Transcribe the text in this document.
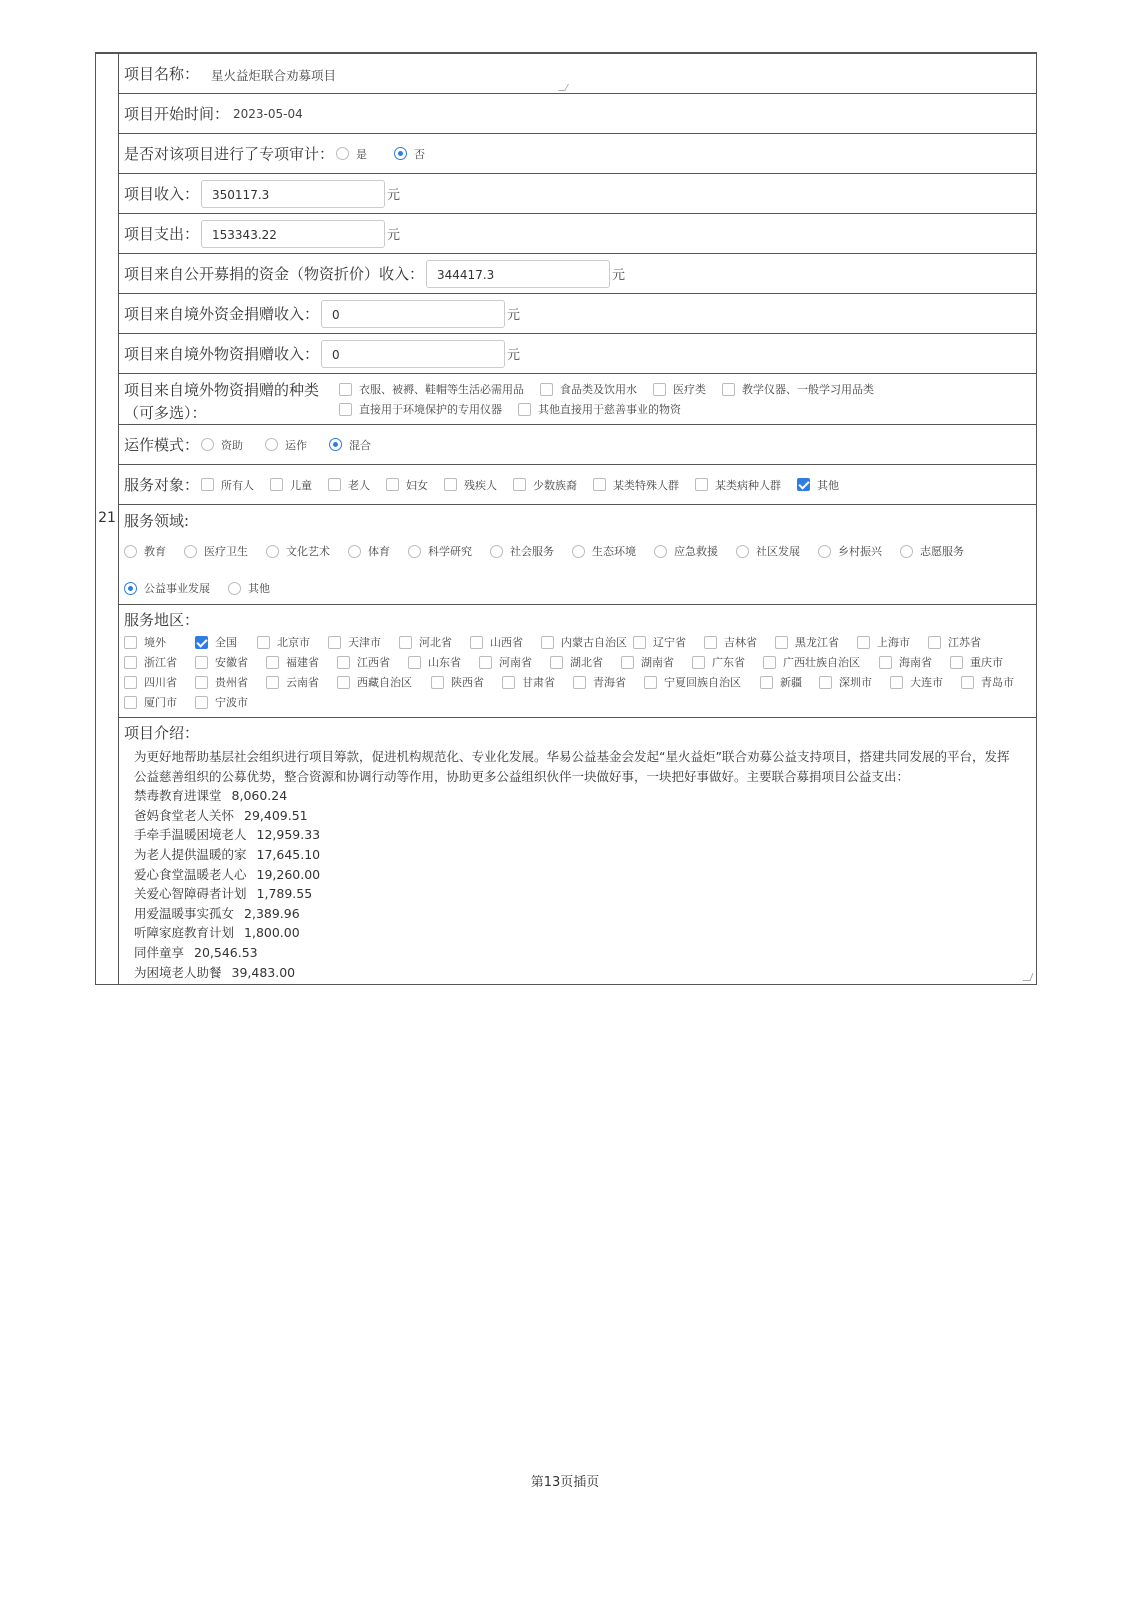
21
项目名称： 星火益炬联合劝募项目
项目开始时间： 2023-05-04
是否对该项目进行了专项审计： 是	否
项目收入：	350117.3	元
项目支出：	153343.22	元
项目来自公开募捐的资金（物资折价）收入：	344417.3	元
项目来自境外资金捐赠收入：	0	元
项目来自境外物资捐赠收入：	0	元
项目来自境外物资捐赠的种类
（可多选）：
衣服、被褥、鞋帽等生活必需用品	食品类及饮用水	医疗类	教学仪器、一般学习用品类
直接用于环境保护的专用仪器	其他直接用于慈善事业的物资
运作模式： 资助	运作	混合
服务对象： 所有人	儿童	老人	妇女	残疾人	少数族裔	某类特殊人群	某类病种人群	其他
服务领域:
教育	医疗卫生	文化艺术	体育	科学研究	社会服务	生态环境	应急救援	社区发展	乡村振兴	志愿服务
公益事业发展	其他
服务地区：
境外	全国	北京市	天津市	河北省	山西省	内蒙古自治区 辽宁省	吉林省	黑龙江省	上海市	江苏省
浙江省	安徽省	福建省	江西省	山东省	河南省	湖北省	湖南省	广东省	广西壮族自治区	海南省	重庆市
四川省	贵州省	云南省	西藏自治区	陕西省	甘肃省	青海省	宁夏回族自治区	新疆	深圳市	大连市	青岛市
厦门市	宁波市
项目介绍：
为更好地帮助基层社会组织进行项目筹款，促进机构规范化、专业化发展。华易公益基金会发起“星火益炬”联合劝募公益支持项目，搭建共同发展的平台，发挥公益慈善组织的公募优势，整合资源和协调行动等作用，协助更多公益组织伙伴一块做好事，一块把好事做好。主要联合募捐项目公益支出：
禁毒教育进课堂 8,060.24
爸妈食堂老人关怀 29,409.51
手牵手温暖困境老人 12,959.33
为老人提供温暖的家 17,645.10
爱心食堂温暖老人心 19,260.00
关爱心智障碍者计划 1,789.55
用爱温暖事实孤女 2,389.96
听障家庭教育计划 1,800.00
同伴童享 20,546.53
为困境老人助餐 39,483.00
第13页插页
